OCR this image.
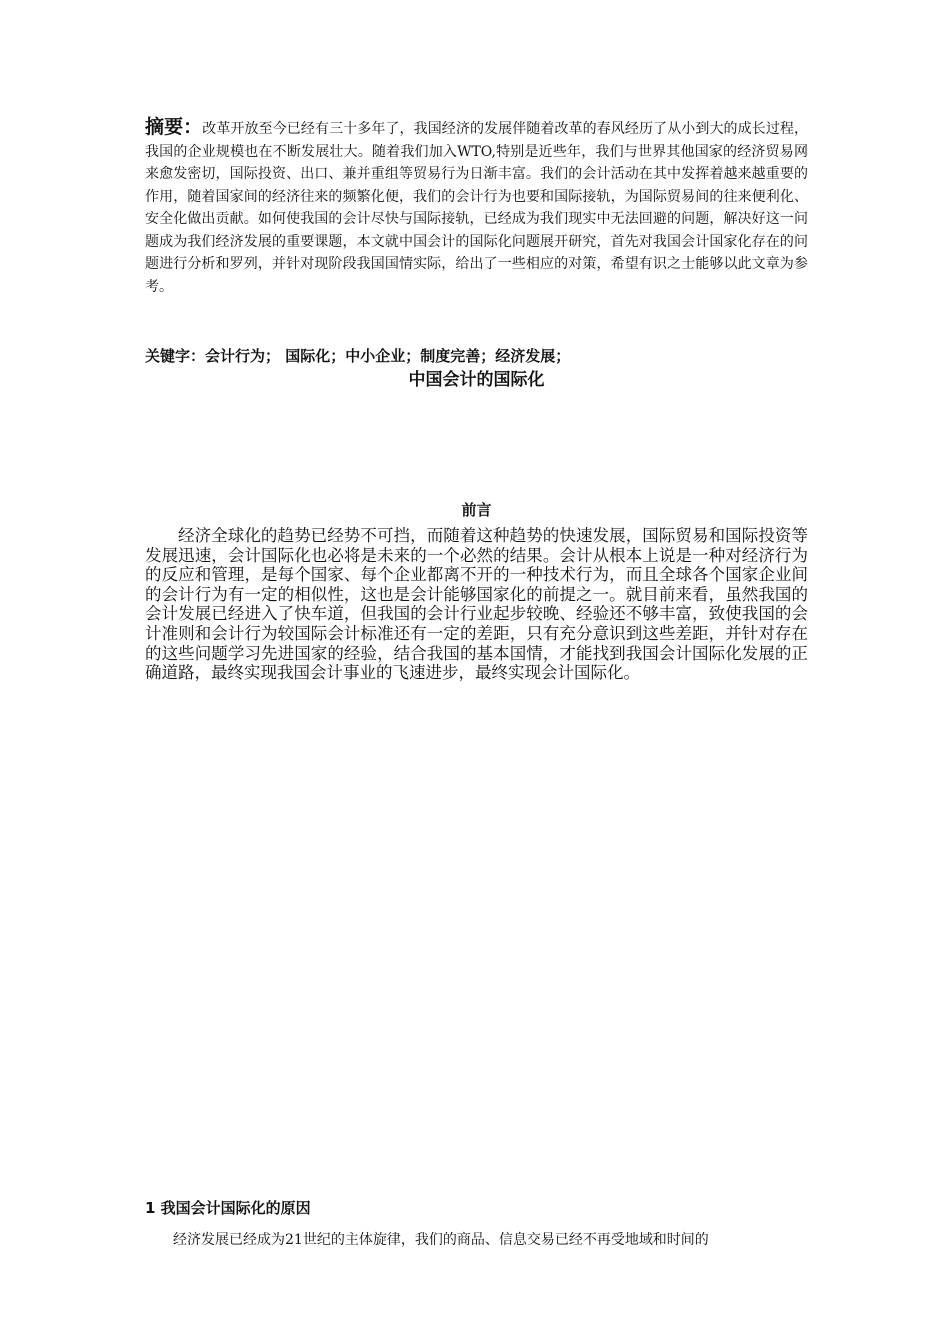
摘要：改革开放至今已经有三十多年了，我国经济的发展伴随着改革的春风经历了从小到大的成长过程，我国的企业规模也在不断发展壮大。随着我们加入WTO,特别是近些年，我们与世界其他国家的经济贸易网来愈发密切，国际投资、出口、兼并重组等贸易行为日渐丰富。我们的会计活动在其中发挥着越来越重要的作用，随着国家间的经济往来的频繁化便，我们的会计行为也要和国际接轨，为国际贸易间的往来便利化、安全化做出贡献。如何使我国的会计尽快与国际接轨，已经成为我们现实中无法回避的问题，解决好这一问题成为我们经济发展的重要课题，本文就中国会计的国际化问题展开研究，首先对我国会计国家化存在的问题进行分析和罗列，并针对现阶段我国国情实际，给出了一些相应的对策，希望有识之士能够以此文章为参考。

关键字：会计行为； 国际化；中小企业；制度完善；经济发展；

中国会计的国际化
前言

经济全球化的趋势已经势不可挡，而随着这种趋势的快速发展，国际贸易和国际投资等发展迅速，会计国际化也必将是未来的一个必然的结果。会计从根本上说是一种对经济行为的反应和管理，是每个国家、每个企业都离不开的一种技术行为，而且全球各个国家企业间的会计行为有一定的相似性，这也是会计能够国家化的前提之一。就目前来看，虽然我国的会计发展已经进入了快车道，但我国的会计行业起步较晚、经验还不够丰富，致使我国的会计准则和会计行为较国际会计标准还有一定的差距，只有充分意识到这些差距，并针对存在的这些问题学习先进国家的经验，结合我国的基本国情，才能找到我国会计国际化发展的正确道路，最终实现我国会计事业的飞速进步，最终实现会计国际化。

1 我国会计国际化的原因

经济发展已经成为21世纪的主体旋律，我们的商品、信息交易已经不再受地域和时间的
